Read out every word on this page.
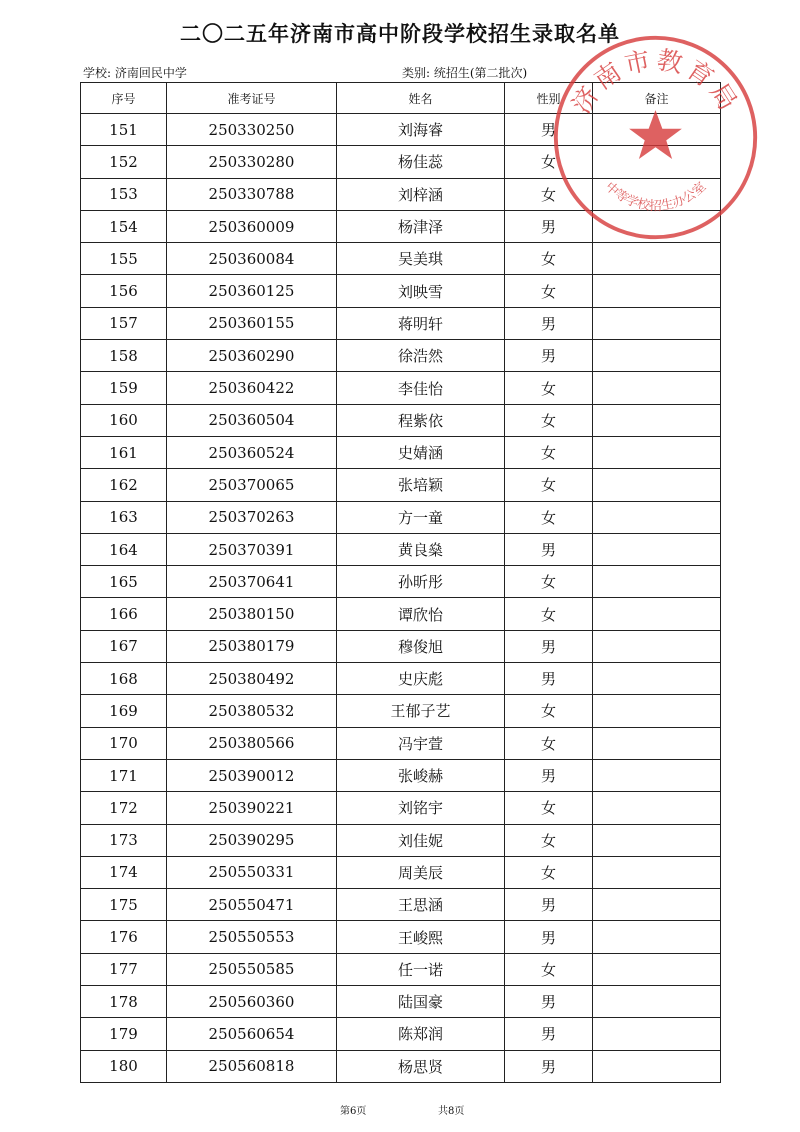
二〇二五年济南市高中阶段学校招生录取名单
学校: 济南回民中学	类别: 统招生(第二批次)
序号	准考证号	姓名	性别	备注
151	250330250	刘海睿	男	
152	250330280	杨佳蕊	女	
153	250330788	刘梓涵	女	
154	250360009	杨津泽	男	
155	250360084	吴美琪	女	
156	250360125	刘映雪	女	
157	250360155	蒋明轩	男	
158	250360290	徐浩然	男	
159	250360422	李佳怡	女	
160	250360504	程紫依	女	
161	250360524	史婧涵	女	
162	250370065	张培颖	女	
163	250370263	方一童	女	
164	250370391	黄良燊	男	
165	250370641	孙昕彤	女	
166	250380150	谭欣怡	女	
167	250380179	穆俊旭	男	
168	250380492	史庆彪	男	
169	250380532	王郁子艺	女	
170	250380566	冯宇萱	女	
171	250390012	张峻赫	男	
172	250390221	刘铭宇	女	
173	250390295	刘佳妮	女	
174	250550331	周美辰	女	
175	250550471	王思涵	男	
176	250550553	王峻熙	男	
177	250550585	任一诺	女	
178	250560360	陆国豪	男	
179	250560654	陈郑润	男	
180	250560818	杨思贤	男	
济南市教育局
中等学校招生办公室
第6页	共8页
